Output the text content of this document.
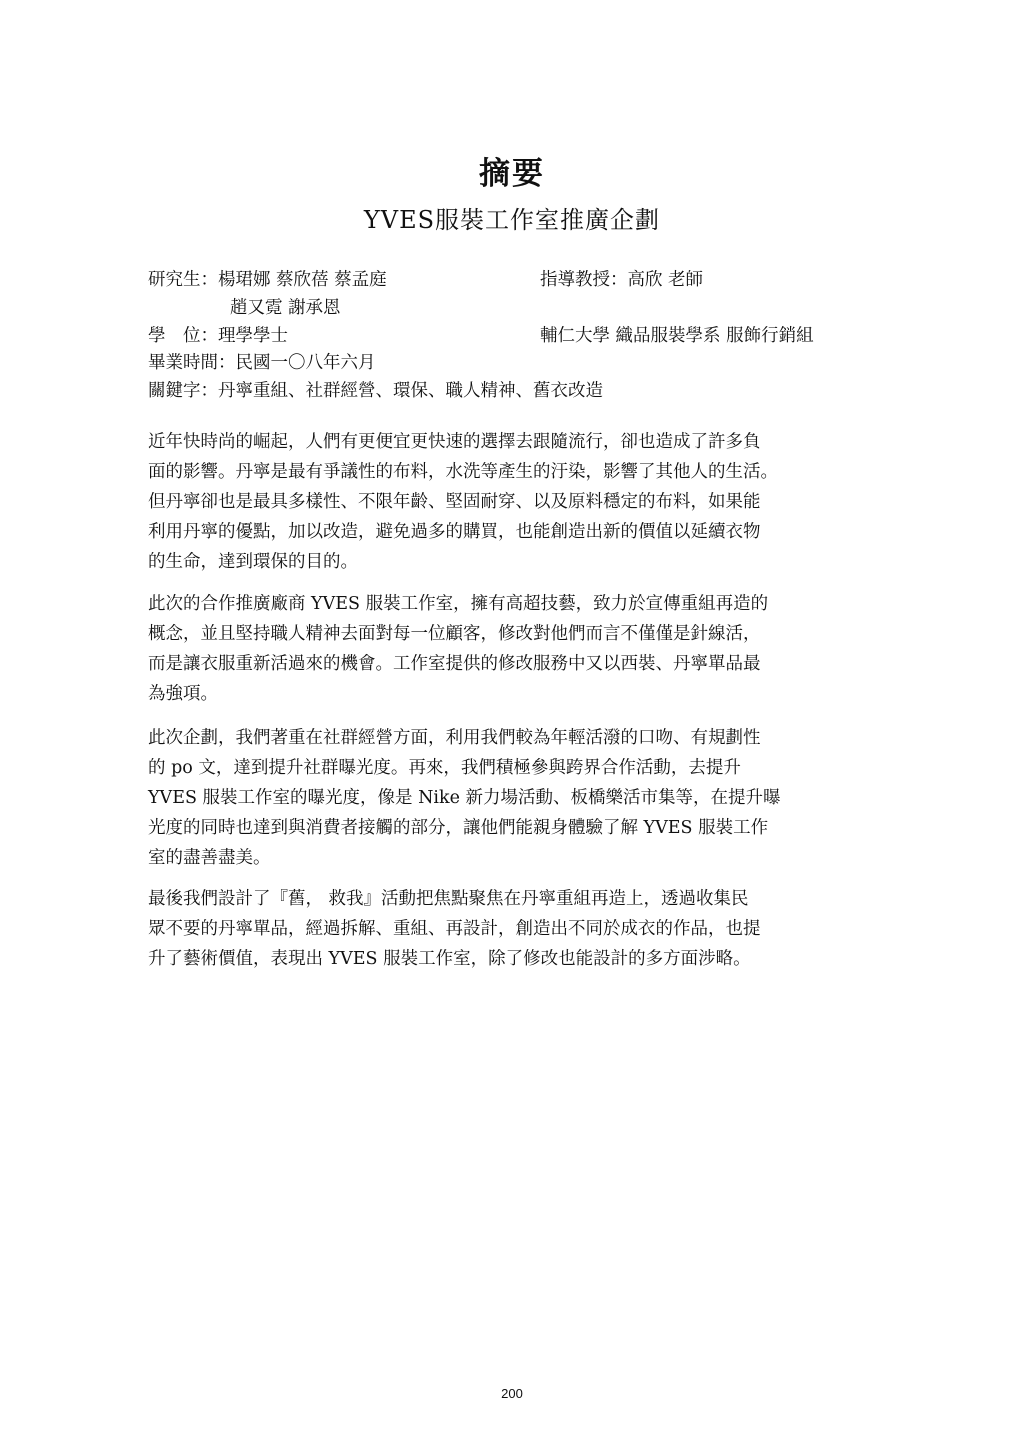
摘要
YVES服裝工作室推廣企劃
研究生：楊珺娜 蔡欣蓓 蔡孟庭
趙又霓 謝承恩
指導教授：高欣 老師
學　位：理學學士	輔仁大學 織品服裝學系 服飾行銷組
畢業時間：民國一〇八年六月
關鍵字：丹寧重組、社群經營、環保、職人精神、舊衣改造
近年快時尚的崛起，人們有更便宜更快速的選擇去跟隨流行，卻也造成了許多負
面的影響。丹寧是最有爭議性的布料，水洗等產生的汙染，影響了其他人的生活。
但丹寧卻也是最具多樣性、不限年齡、堅固耐穿、以及原料穩定的布料，如果能
利用丹寧的優點，加以改造，避免過多的購買，也能創造出新的價值以延續衣物
的生命，達到環保的目的。
此次的合作推廣廠商 YVES 服裝工作室，擁有高超技藝，致力於宣傳重組再造的
概念，並且堅持職人精神去面對每一位顧客，修改對他們而言不僅僅是針線活，
而是讓衣服重新活過來的機會。工作室提供的修改服務中又以西裝、丹寧單品最
為強項。
此次企劃，我們著重在社群經營方面，利用我們較為年輕活潑的口吻、有規劃性
的 po 文，達到提升社群曝光度。再來，我們積極參與跨界合作活動，去提升
YVES 服裝工作室的曝光度，像是 Nike 新力場活動、板橋樂活市集等，在提升曝
光度的同時也達到與消費者接觸的部分，讓他們能親身體驗了解 YVES 服裝工作
室的盡善盡美。
最後我們設計了『舊， 救我』活動把焦點聚焦在丹寧重組再造上，透過收集民
眾不要的丹寧單品，經過拆解、重組、再設計，創造出不同於成衣的作品，也提
升了藝術價值，表現出 YVES 服裝工作室，除了修改也能設計的多方面涉略。
200
